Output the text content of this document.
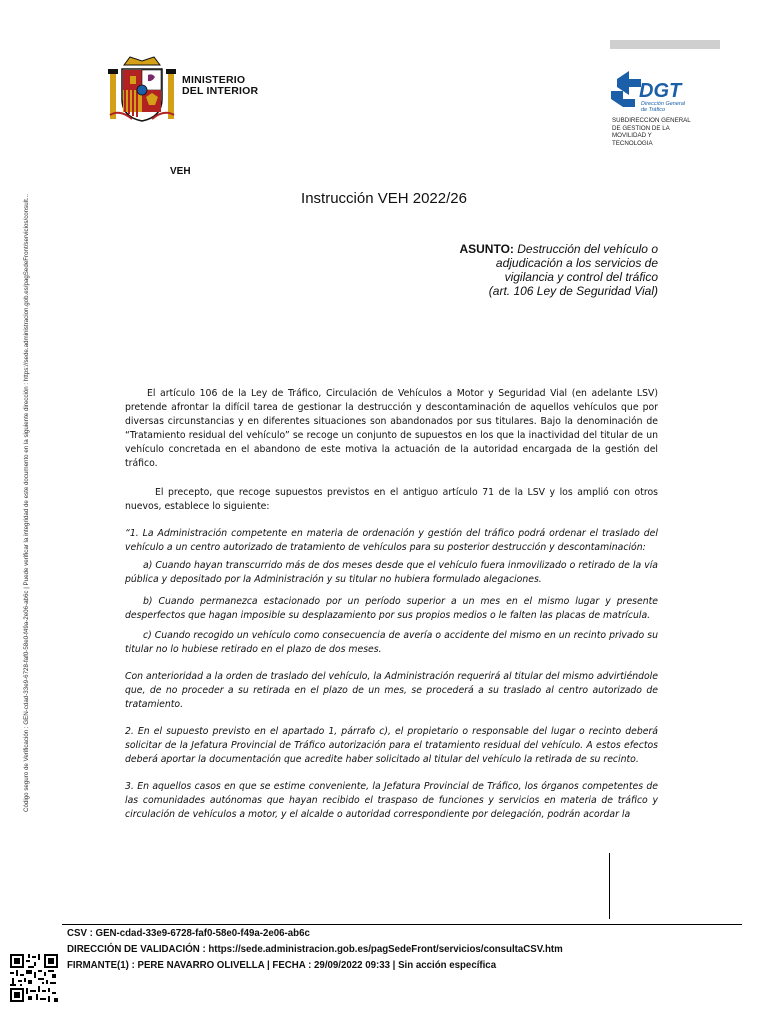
Código seguro de Verificación : GEN-cdad-33e9-6728-faf0-58e0-f49a-2e06-ab6c | Puede verificar la integridad de este documento en la siguiente dirección : https://sede.administracion.gob.es/pagSedeFront/servicios/consult...
MINISTERIO
DEL INTERIOR	DGT
Dirección General
de Tráfico
SUBDIRECCION GENERAL
DE GESTION DE LA
MOVILIDAD Y
TECNOLOGIA
VEH
Instrucción VEH 2022/26
ASUNTO: Destrucción del vehículo o
adjudicación a los servicios de
vigilancia y control del tráfico
(art. 106 Ley de Seguridad Vial)
El artículo 106 de la Ley de Tráfico, Circulación de Vehículos a Motor y Seguridad Vial (en adelante LSV) pretende afrontar la difícil tarea de gestionar la destrucción y descontaminación de aquellos vehículos que por diversas circunstancias y en diferentes situaciones son abandonados por sus titulares. Bajo la denominación de “Tratamiento residual del vehículo” se recoge un conjunto de supuestos en los que la inactividad del titular de un vehículo concretada en el abandono de este motiva la actuación de la autoridad encargada de la gestión del tráfico.
El precepto, que recoge supuestos previstos en el antiguo artículo 71 de la LSV y los amplió con otros nuevos, establece lo siguiente:
“1. La Administración competente en materia de ordenación y gestión del tráfico podrá ordenar el traslado del vehículo a un centro autorizado de tratamiento de vehículos para su posterior destrucción y descontaminación:
a) Cuando hayan transcurrido más de dos meses desde que el vehículo fuera inmovilizado o retirado de la vía pública y depositado por la Administración y su titular no hubiera formulado alegaciones.
b) Cuando permanezca estacionado por un período superior a un mes en el mismo lugar y presente desperfectos que hagan imposible su desplazamiento por sus propios medios o le falten las placas de matrícula.
c) Cuando recogido un vehículo como consecuencia de avería o accidente del mismo en un recinto privado su titular no lo hubiese retirado en el plazo de dos meses.
Con anterioridad a la orden de traslado del vehículo, la Administración requerirá al titular del mismo advirtiéndole que, de no proceder a su retirada en el plazo de un mes, se procederá a su traslado al centro autorizado de tratamiento.
2. En el supuesto previsto en el apartado 1, párrafo c), el propietario o responsable del lugar o recinto deberá solicitar de la Jefatura Provincial de Tráfico autorización para el tratamiento residual del vehículo. A estos efectos deberá aportar la documentación que acredite haber solicitado al titular del vehículo la retirada de su recinto.
3. En aquellos casos en que se estime conveniente, la Jefatura Provincial de Tráfico, los órganos competentes de las comunidades autónomas que hayan recibido el traspaso de funciones y servicios en materia de tráfico y circulación de vehículos a motor, y el alcalde o autoridad correspondiente por delegación, podrán acordar la
CSV : GEN-cdad-33e9-6728-faf0-58e0-f49a-2e06-ab6c
DIRECCIÓN DE VALIDACIÓN : https://sede.administracion.gob.es/pagSedeFront/servicios/consultaCSV.htm
FIRMANTE(1) : PERE NAVARRO OLIVELLA | FECHA : 29/09/2022 09:33 | Sin acción específica
